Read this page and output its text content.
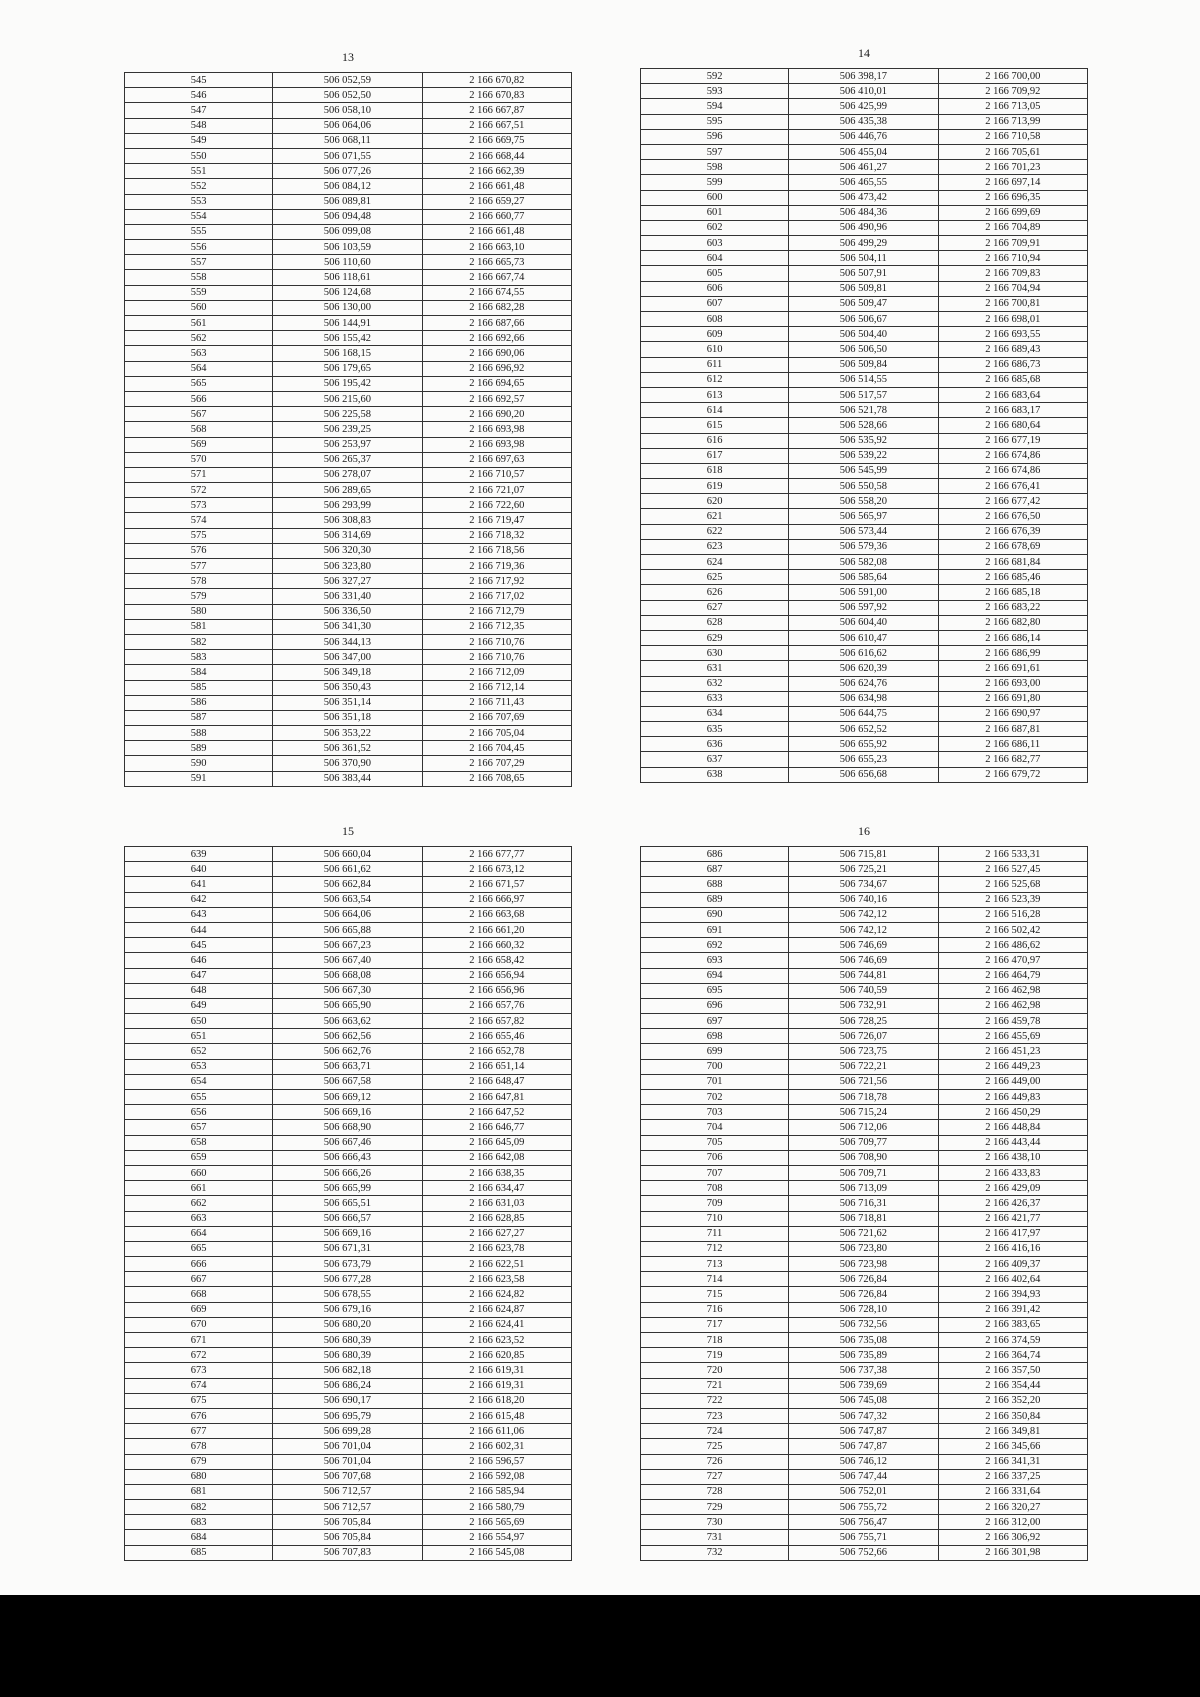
13
545	506 052,59	2 166 670,82
546	506 052,50	2 166 670,83
547	506 058,10	2 166 667,87
548	506 064,06	2 166 667,51
549	506 068,11	2 166 669,75
550	506 071,55	2 166 668,44
551	506 077,26	2 166 662,39
552	506 084,12	2 166 661,48
553	506 089,81	2 166 659,27
554	506 094,48	2 166 660,77
555	506 099,08	2 166 661,48
556	506 103,59	2 166 663,10
557	506 110,60	2 166 665,73
558	506 118,61	2 166 667,74
559	506 124,68	2 166 674,55
560	506 130,00	2 166 682,28
561	506 144,91	2 166 687,66
562	506 155,42	2 166 692,66
563	506 168,15	2 166 690,06
564	506 179,65	2 166 696,92
565	506 195,42	2 166 694,65
566	506 215,60	2 166 692,57
567	506 225,58	2 166 690,20
568	506 239,25	2 166 693,98
569	506 253,97	2 166 693,98
570	506 265,37	2 166 697,63
571	506 278,07	2 166 710,57
572	506 289,65	2 166 721,07
573	506 293,99	2 166 722,60
574	506 308,83	2 166 719,47
575	506 314,69	2 166 718,32
576	506 320,30	2 166 718,56
577	506 323,80	2 166 719,36
578	506 327,27	2 166 717,92
579	506 331,40	2 166 717,02
580	506 336,50	2 166 712,79
581	506 341,30	2 166 712,35
582	506 344,13	2 166 710,76
583	506 347,00	2 166 710,76
584	506 349,18	2 166 712,09
585	506 350,43	2 166 712,14
586	506 351,14	2 166 711,43
587	506 351,18	2 166 707,69
588	506 353,22	2 166 705,04
589	506 361,52	2 166 704,45
590	506 370,90	2 166 707,29
591	506 383,44	2 166 708,65
14
592	506 398,17	2 166 700,00
593	506 410,01	2 166 709,92
594	506 425,99	2 166 713,05
595	506 435,38	2 166 713,99
596	506 446,76	2 166 710,58
597	506 455,04	2 166 705,61
598	506 461,27	2 166 701,23
599	506 465,55	2 166 697,14
600	506 473,42	2 166 696,35
601	506 484,36	2 166 699,69
602	506 490,96	2 166 704,89
603	506 499,29	2 166 709,91
604	506 504,11	2 166 710,94
605	506 507,91	2 166 709,83
606	506 509,81	2 166 704,94
607	506 509,47	2 166 700,81
608	506 506,67	2 166 698,01
609	506 504,40	2 166 693,55
610	506 506,50	2 166 689,43
611	506 509,84	2 166 686,73
612	506 514,55	2 166 685,68
613	506 517,57	2 166 683,64
614	506 521,78	2 166 683,17
615	506 528,66	2 166 680,64
616	506 535,92	2 166 677,19
617	506 539,22	2 166 674,86
618	506 545,99	2 166 674,86
619	506 550,58	2 166 676,41
620	506 558,20	2 166 677,42
621	506 565,97	2 166 676,50
622	506 573,44	2 166 676,39
623	506 579,36	2 166 678,69
624	506 582,08	2 166 681,84
625	506 585,64	2 166 685,46
626	506 591,00	2 166 685,18
627	506 597,92	2 166 683,22
628	506 604,40	2 166 682,80
629	506 610,47	2 166 686,14
630	506 616,62	2 166 686,99
631	506 620,39	2 166 691,61
632	506 624,76	2 166 693,00
633	506 634,98	2 166 691,80
634	506 644,75	2 166 690,97
635	506 652,52	2 166 687,81
636	506 655,92	2 166 686,11
637	506 655,23	2 166 682,77
638	506 656,68	2 166 679,72
15
639	506 660,04	2 166 677,77
640	506 661,62	2 166 673,12
641	506 662,84	2 166 671,57
642	506 663,54	2 166 666,97
643	506 664,06	2 166 663,68
644	506 665,88	2 166 661,20
645	506 667,23	2 166 660,32
646	506 667,40	2 166 658,42
647	506 668,08	2 166 656,94
648	506 667,30	2 166 656,96
649	506 665,90	2 166 657,76
650	506 663,62	2 166 657,82
651	506 662,56	2 166 655,46
652	506 662,76	2 166 652,78
653	506 663,71	2 166 651,14
654	506 667,58	2 166 648,47
655	506 669,12	2 166 647,81
656	506 669,16	2 166 647,52
657	506 668,90	2 166 646,77
658	506 667,46	2 166 645,09
659	506 666,43	2 166 642,08
660	506 666,26	2 166 638,35
661	506 665,99	2 166 634,47
662	506 665,51	2 166 631,03
663	506 666,57	2 166 628,85
664	506 669,16	2 166 627,27
665	506 671,31	2 166 623,78
666	506 673,79	2 166 622,51
667	506 677,28	2 166 623,58
668	506 678,55	2 166 624,82
669	506 679,16	2 166 624,87
670	506 680,20	2 166 624,41
671	506 680,39	2 166 623,52
672	506 680,39	2 166 620,85
673	506 682,18	2 166 619,31
674	506 686,24	2 166 619,31
675	506 690,17	2 166 618,20
676	506 695,79	2 166 615,48
677	506 699,28	2 166 611,06
678	506 701,04	2 166 602,31
679	506 701,04	2 166 596,57
680	506 707,68	2 166 592,08
681	506 712,57	2 166 585,94
682	506 712,57	2 166 580,79
683	506 705,84	2 166 565,69
684	506 705,84	2 166 554,97
685	506 707,83	2 166 545,08
16
686	506 715,81	2 166 533,31
687	506 725,21	2 166 527,45
688	506 734,67	2 166 525,68
689	506 740,16	2 166 523,39
690	506 742,12	2 166 516,28
691	506 742,12	2 166 502,42
692	506 746,69	2 166 486,62
693	506 746,69	2 166 470,97
694	506 744,81	2 166 464,79
695	506 740,59	2 166 462,98
696	506 732,91	2 166 462,98
697	506 728,25	2 166 459,78
698	506 726,07	2 166 455,69
699	506 723,75	2 166 451,23
700	506 722,21	2 166 449,23
701	506 721,56	2 166 449,00
702	506 718,78	2 166 449,83
703	506 715,24	2 166 450,29
704	506 712,06	2 166 448,84
705	506 709,77	2 166 443,44
706	506 708,90	2 166 438,10
707	506 709,71	2 166 433,83
708	506 713,09	2 166 429,09
709	506 716,31	2 166 426,37
710	506 718,81	2 166 421,77
711	506 721,62	2 166 417,97
712	506 723,80	2 166 416,16
713	506 723,98	2 166 409,37
714	506 726,84	2 166 402,64
715	506 726,84	2 166 394,93
716	506 728,10	2 166 391,42
717	506 732,56	2 166 383,65
718	506 735,08	2 166 374,59
719	506 735,89	2 166 364,74
720	506 737,38	2 166 357,50
721	506 739,69	2 166 354,44
722	506 745,08	2 166 352,20
723	506 747,32	2 166 350,84
724	506 747,87	2 166 349,81
725	506 747,87	2 166 345,66
726	506 746,12	2 166 341,31
727	506 747,44	2 166 337,25
728	506 752,01	2 166 331,64
729	506 755,72	2 166 320,27
730	506 756,47	2 166 312,00
731	506 755,71	2 166 306,92
732	506 752,66	2 166 301,98
